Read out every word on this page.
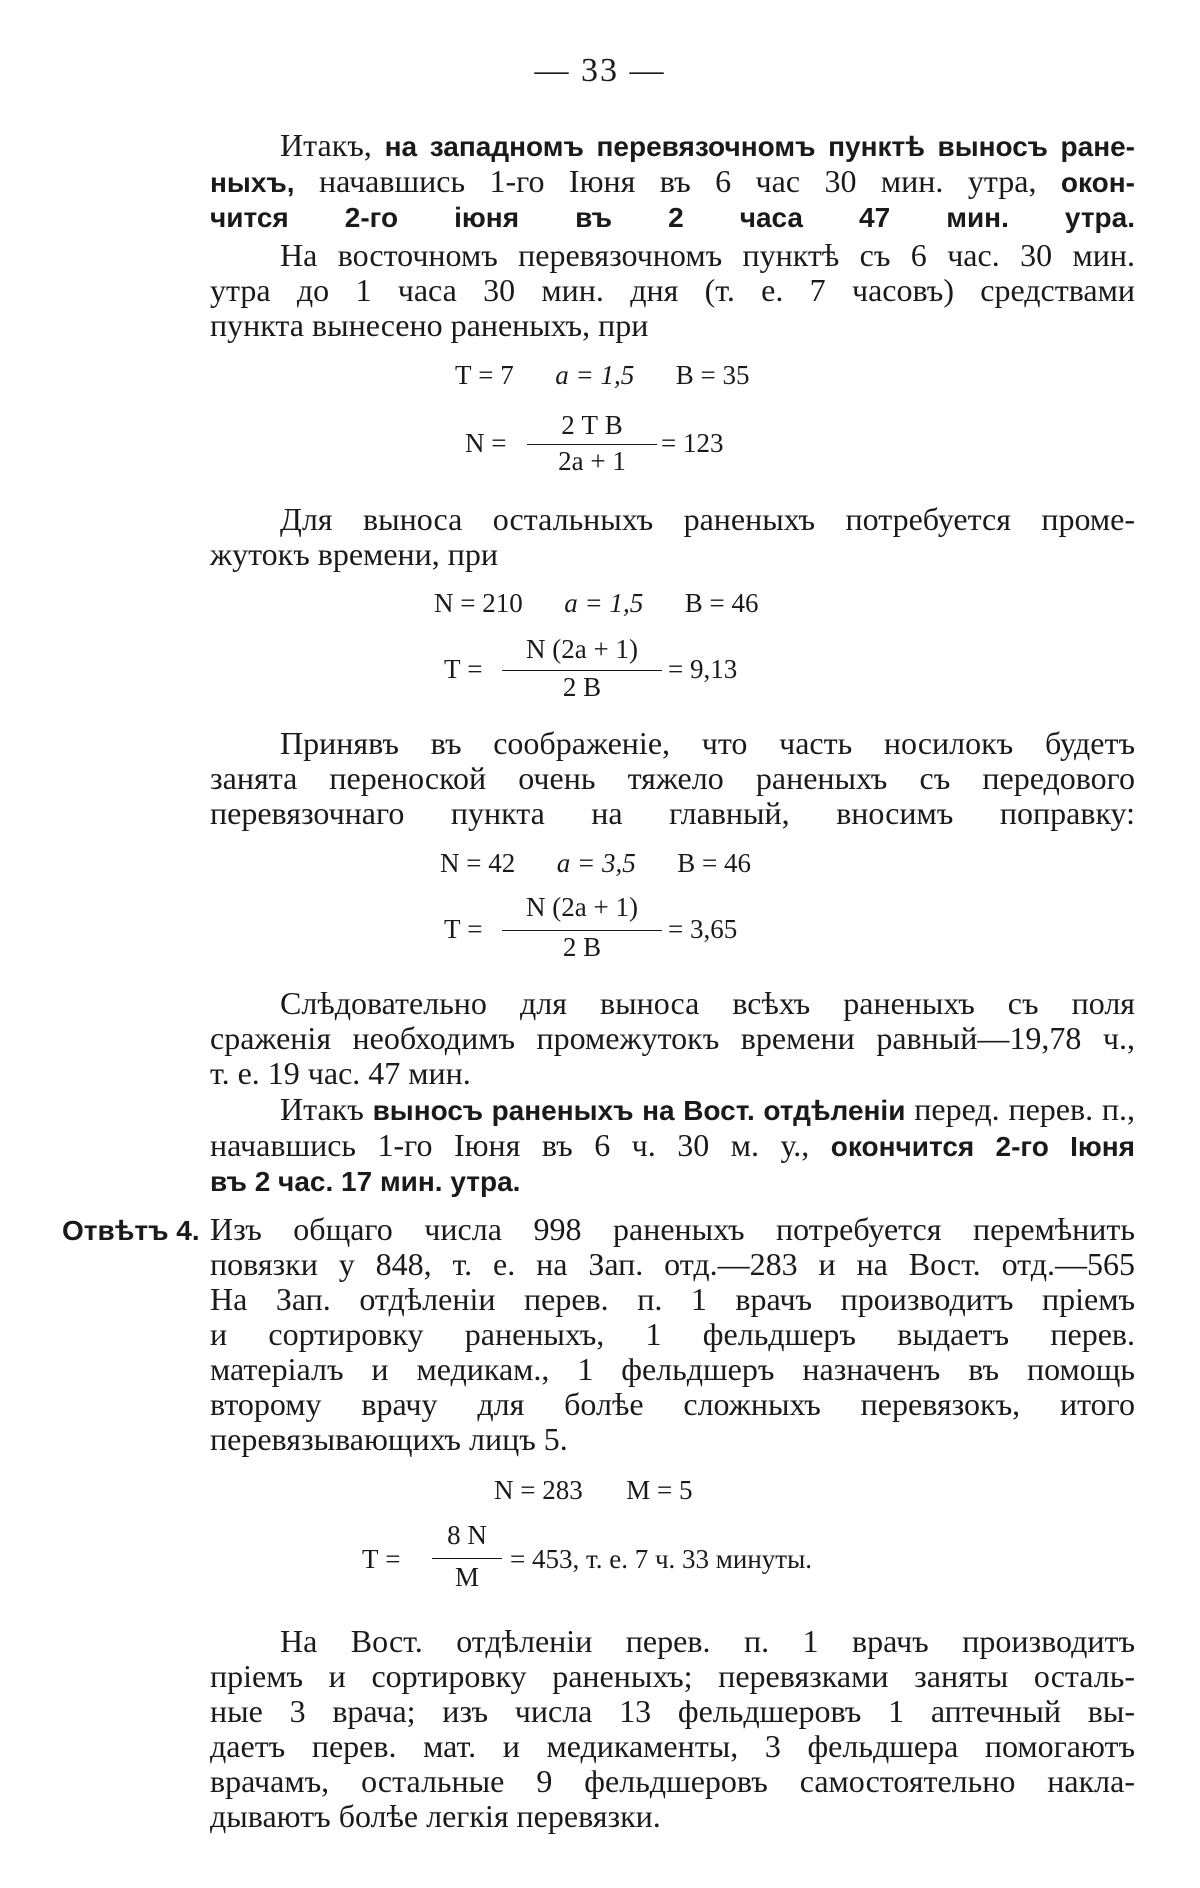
— 33 —
Итакъ, на западномъ перевязочномъ пунктѣ выносъ ране-
ныхъ, начавшись 1-го Іюня въ 6 час 30 мин. утра, окон-
чится 2-го іюня въ 2 часа 47 мин. утра.
На восточномъ перевязочномъ пунктѣ съ 6 час. 30 мин.
утра до 1 часа 30 мин. дня (т. е. 7 часовъ) средствами
пункта вынесено раненыхъ, при
Т = 7 а = 1,5 В = 35
N =
2 Т В
2а + 1
= 123
Для выноса остальныхъ раненыхъ потребуется проме-
жутокъ времени, при
N = 210 а = 1,5 В = 46
Т =
N (2а + 1)
2 В
= 9,13
Принявъ въ соображеніе, что часть носилокъ будетъ
занята переноской очень тяжело раненыхъ съ передового
перевязочнаго пункта на главный, вносимъ поправку:
N = 42 а = 3,5 В = 46
Т =
N (2а + 1)
2 В
= 3,65
Слѣдовательно для выноса всѣхъ раненыхъ съ поля
сраженія необходимъ промежутокъ времени равный—19,78 ч.,
т. е. 19 час. 47 мин.
Итакъ выносъ раненыхъ на Вост. отдѣленіи перед. перев. п.,
начавшись 1-го Іюня въ 6 ч. 30 м. у., окончится 2-го Іюня
въ 2 час. 17 мин. утра.
Отвѣтъ 4. Изъ общаго числа 998 раненыхъ потребуется перемѣнить
повязки у 848, т. е. на Зап. отд.—283 и на Вост. отд.—565
На Зап. отдѣленіи перев. п. 1 врачъ производитъ пріемъ
и сортировку раненыхъ, 1 фельдшеръ выдаетъ перев.
матеріалъ и медикам., 1 фельдшеръ назначенъ въ помощь
второму врачу для болѣе сложныхъ перевязокъ, итого
перевязывающихъ лицъ 5.
N = 283 М = 5
Т =
8 N
М
= 453, т. е. 7 ч. 33 минуты.
На Вост. отдѣленіи перев. п. 1 врачъ производитъ
пріемъ и сортировку раненыхъ; перевязками заняты осталь-
ные 3 врача; изъ числа 13 фельдшеровъ 1 аптечный вы-
даетъ перев. мат. и медикаменты, 3 фельдшера помогаютъ
врачамъ, остальные 9 фельдшеровъ самостоятельно накла-
дываютъ болѣе легкія перевязки.
